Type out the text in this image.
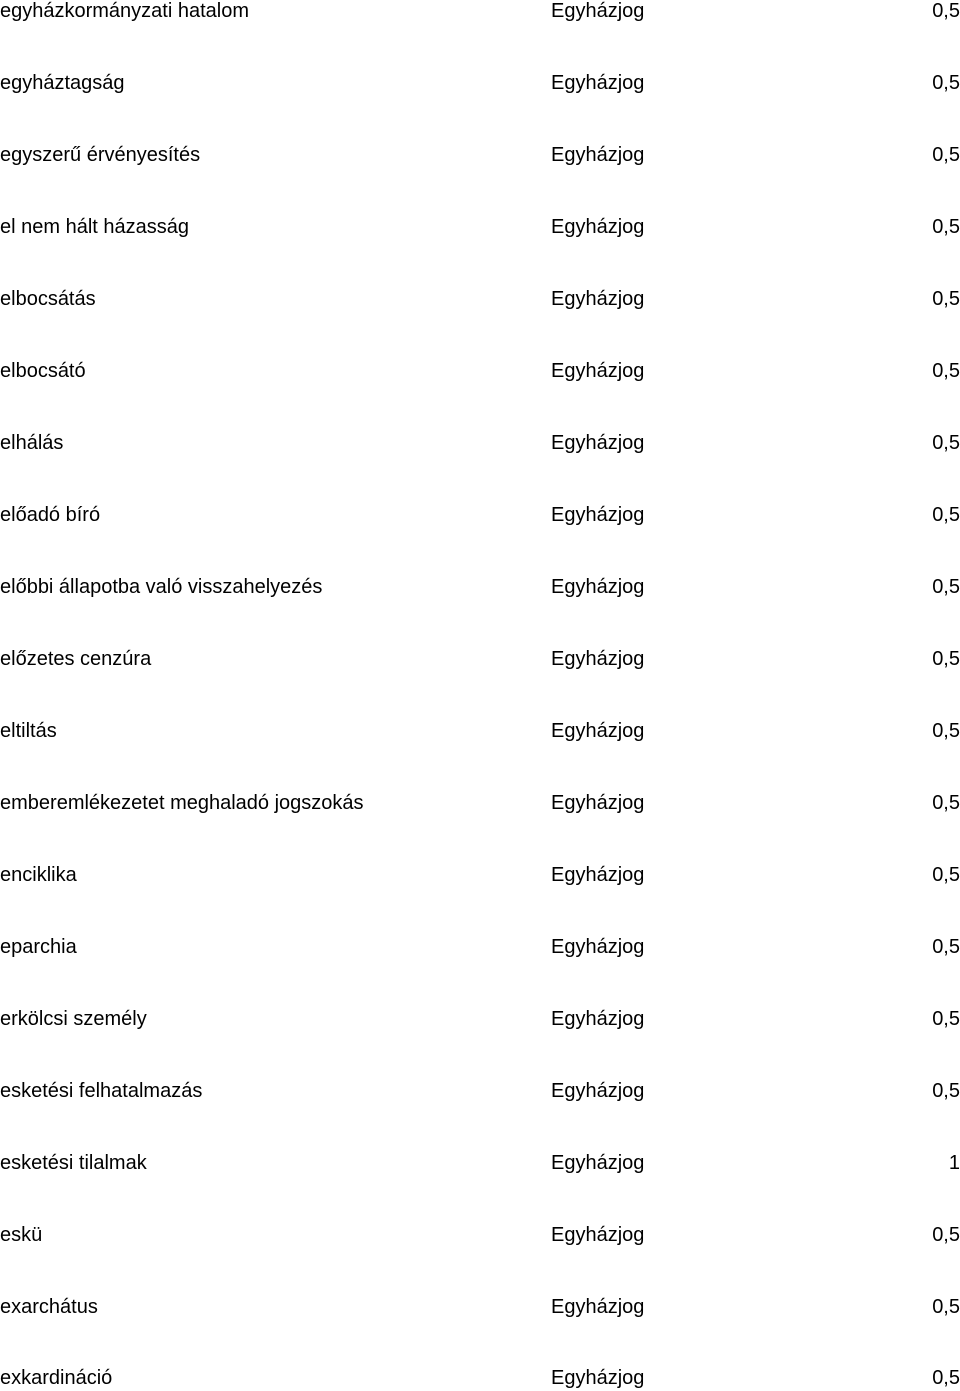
egyházkormányzati hatalom	Egyházjog	0,5
egyháztagság	Egyházjog	0,5
egyszerű érvényesítés	Egyházjog	0,5
el nem hált házasság	Egyházjog	0,5
elbocsátás	Egyházjog	0,5
elbocsátó	Egyházjog	0,5
elhálás	Egyházjog	0,5
előadó bíró	Egyházjog	0,5
előbbi állapotba való visszahelyezés	Egyházjog	0,5
előzetes cenzúra	Egyházjog	0,5
eltiltás	Egyházjog	0,5
emberemlékezetet meghaladó jogszokás	Egyházjog	0,5
enciklika	Egyházjog	0,5
eparchia	Egyházjog	0,5
erkölcsi személy	Egyházjog	0,5
esketési felhatalmazás	Egyházjog	0,5
esketési tilalmak	Egyházjog	1
eskü	Egyházjog	0,5
exarchátus	Egyházjog	0,5
exkardináció	Egyházjog	0,5
